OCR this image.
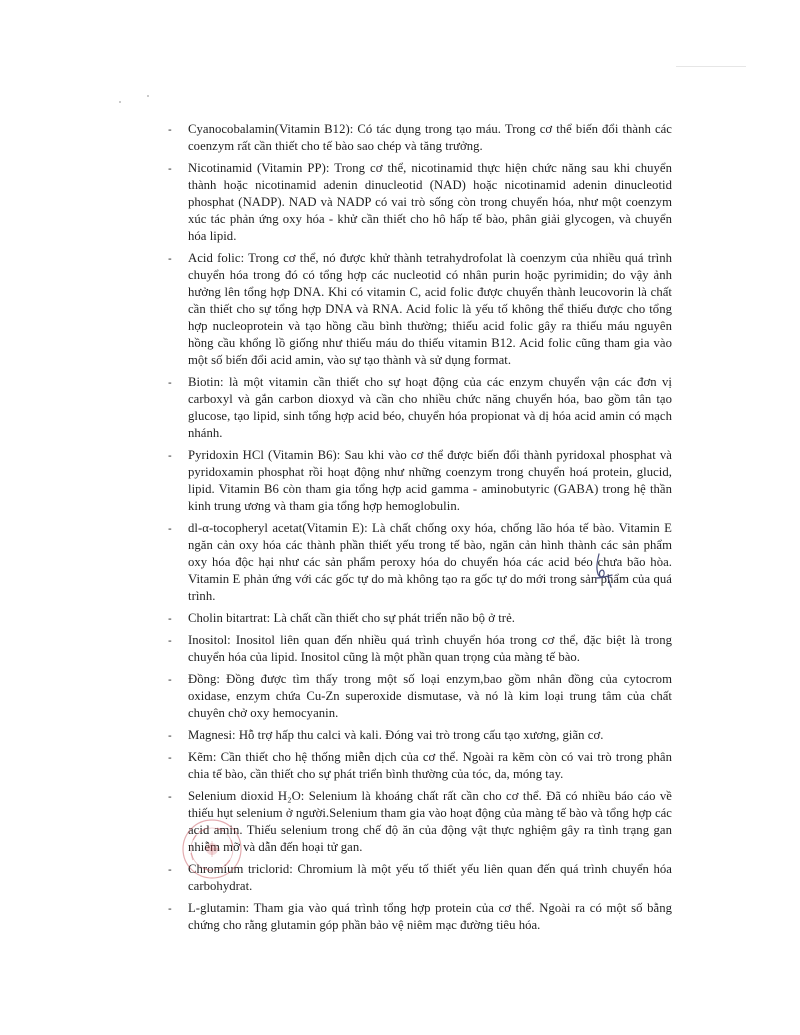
- Cyanocobalamin(Vitamin B12): Có tác dụng trong tạo máu. Trong cơ thể biến đổi thành các coenzym rất cần thiết cho tế bào sao chép và tăng trưởng.
- Nicotinamid (Vitamin PP): Trong cơ thể, nicotinamid thực hiện chức năng sau khi chuyển thành hoặc nicotinamid adenin dinucleotid (NAD) hoặc nicotinamid adenin dinucleotid phosphat (NADP). NAD và NADP có vai trò sống còn trong chuyển hóa, như một coenzym xúc tác phản ứng oxy hóa - khử cần thiết cho hô hấp tế bào, phân giải glycogen, và chuyển hóa lipid.
- Acid folic: Trong cơ thể, nó được khử thành tetrahydrofolat là coenzym của nhiều quá trình chuyển hóa trong đó có tổng hợp các nucleotid có nhân purin hoặc pyrimidin; do vậy ảnh hưởng lên tổng hợp DNA. Khi có vitamin C, acid folic được chuyển thành leucovorin là chất cần thiết cho sự tổng hợp DNA và RNA. Acid folic là yếu tố không thể thiếu được cho tổng hợp nucleoprotein và tạo hồng cầu bình thường; thiếu acid folic gây ra thiếu máu nguyên hồng cầu khổng lồ giống như thiếu máu do thiếu vitamin B12. Acid folic cũng tham gia vào một số biến đổi acid amin, vào sự tạo thành và sử dụng format.
- Biotin: là một vitamin cần thiết cho sự hoạt động của các enzym chuyển vận các đơn vị carboxyl và gắn carbon dioxyd và cần cho nhiều chức năng chuyển hóa, bao gồm tân tạo glucose, tạo lipid, sinh tổng hợp acid béo, chuyển hóa propionat và dị hóa acid amin có mạch nhánh.
- Pyridoxin HCl (Vitamin B6): Sau khi vào cơ thể được biến đổi thành pyridoxal phosphat và pyridoxamin phosphat rồi hoạt động như những coenzym trong chuyển hoá protein, glucid, lipid. Vitamin B6 còn tham gia tổng hợp acid gamma - aminobutyric (GABA) trong hệ thần kinh trung ương và tham gia tổng hợp hemoglobulin.
- dl-α-tocopheryl acetat(Vitamin E): Là chất chống oxy hóa, chống lão hóa tế bào. Vitamin E ngăn cản oxy hóa các thành phần thiết yếu trong tế bào, ngăn cản hình thành các sản phẩm oxy hóa độc hại như các sản phẩm peroxy hóa do chuyển hóa các acid béo chưa bão hòa. Vitamin E phản ứng với các gốc tự do mà không tạo ra gốc tự do mới trong sản phẩm của quá trình.
- Cholin bitartrat: Là chất cần thiết cho sự phát triển não bộ ở trẻ.
- Inositol: Inositol liên quan đến nhiều quá trình chuyển hóa trong cơ thể, đặc biệt là trong chuyển hóa của lipid. Inositol cũng là một phần quan trọng của màng tế bào.
- Đồng: Đồng được tìm thấy trong một số loại enzym,bao gồm nhân đồng của cytocrom oxidase, enzym chứa Cu-Zn superoxide dismutase, và nó là kim loại trung tâm của chất chuyên chở oxy hemocyanin.
- Magnesi: Hỗ trợ hấp thu calci và kali. Đóng vai trò trong cấu tạo xương, giãn cơ.
- Kẽm: Cần thiết cho hệ thống miễn dịch của cơ thể. Ngoài ra kẽm còn có vai trò trong phân chia tế bào, cần thiết cho sự phát triển bình thường của tóc, da, móng tay.
- Selenium dioxid H₂O: Selenium là khoáng chất rất cần cho cơ thể. Đã có nhiều báo cáo về thiếu hụt selenium ở người.Selenium tham gia vào hoạt động của màng tế bào và tổng hợp các acid amin. Thiếu selenium trong chế độ ăn của động vật thực nghiệm gây ra tình trạng gan nhiễm mỡ và dẫn đến hoại tử gan.
- Chromium triclorid: Chromium là một yếu tố thiết yếu liên quan đến quá trình chuyển hóa carbohydrat.
- L-glutamin: Tham gia vào quá trình tổng hợp protein của cơ thể. Ngoài ra có một số bằng chứng cho rằng glutamin góp phần bảo vệ niêm mạc đường tiêu hóa.
